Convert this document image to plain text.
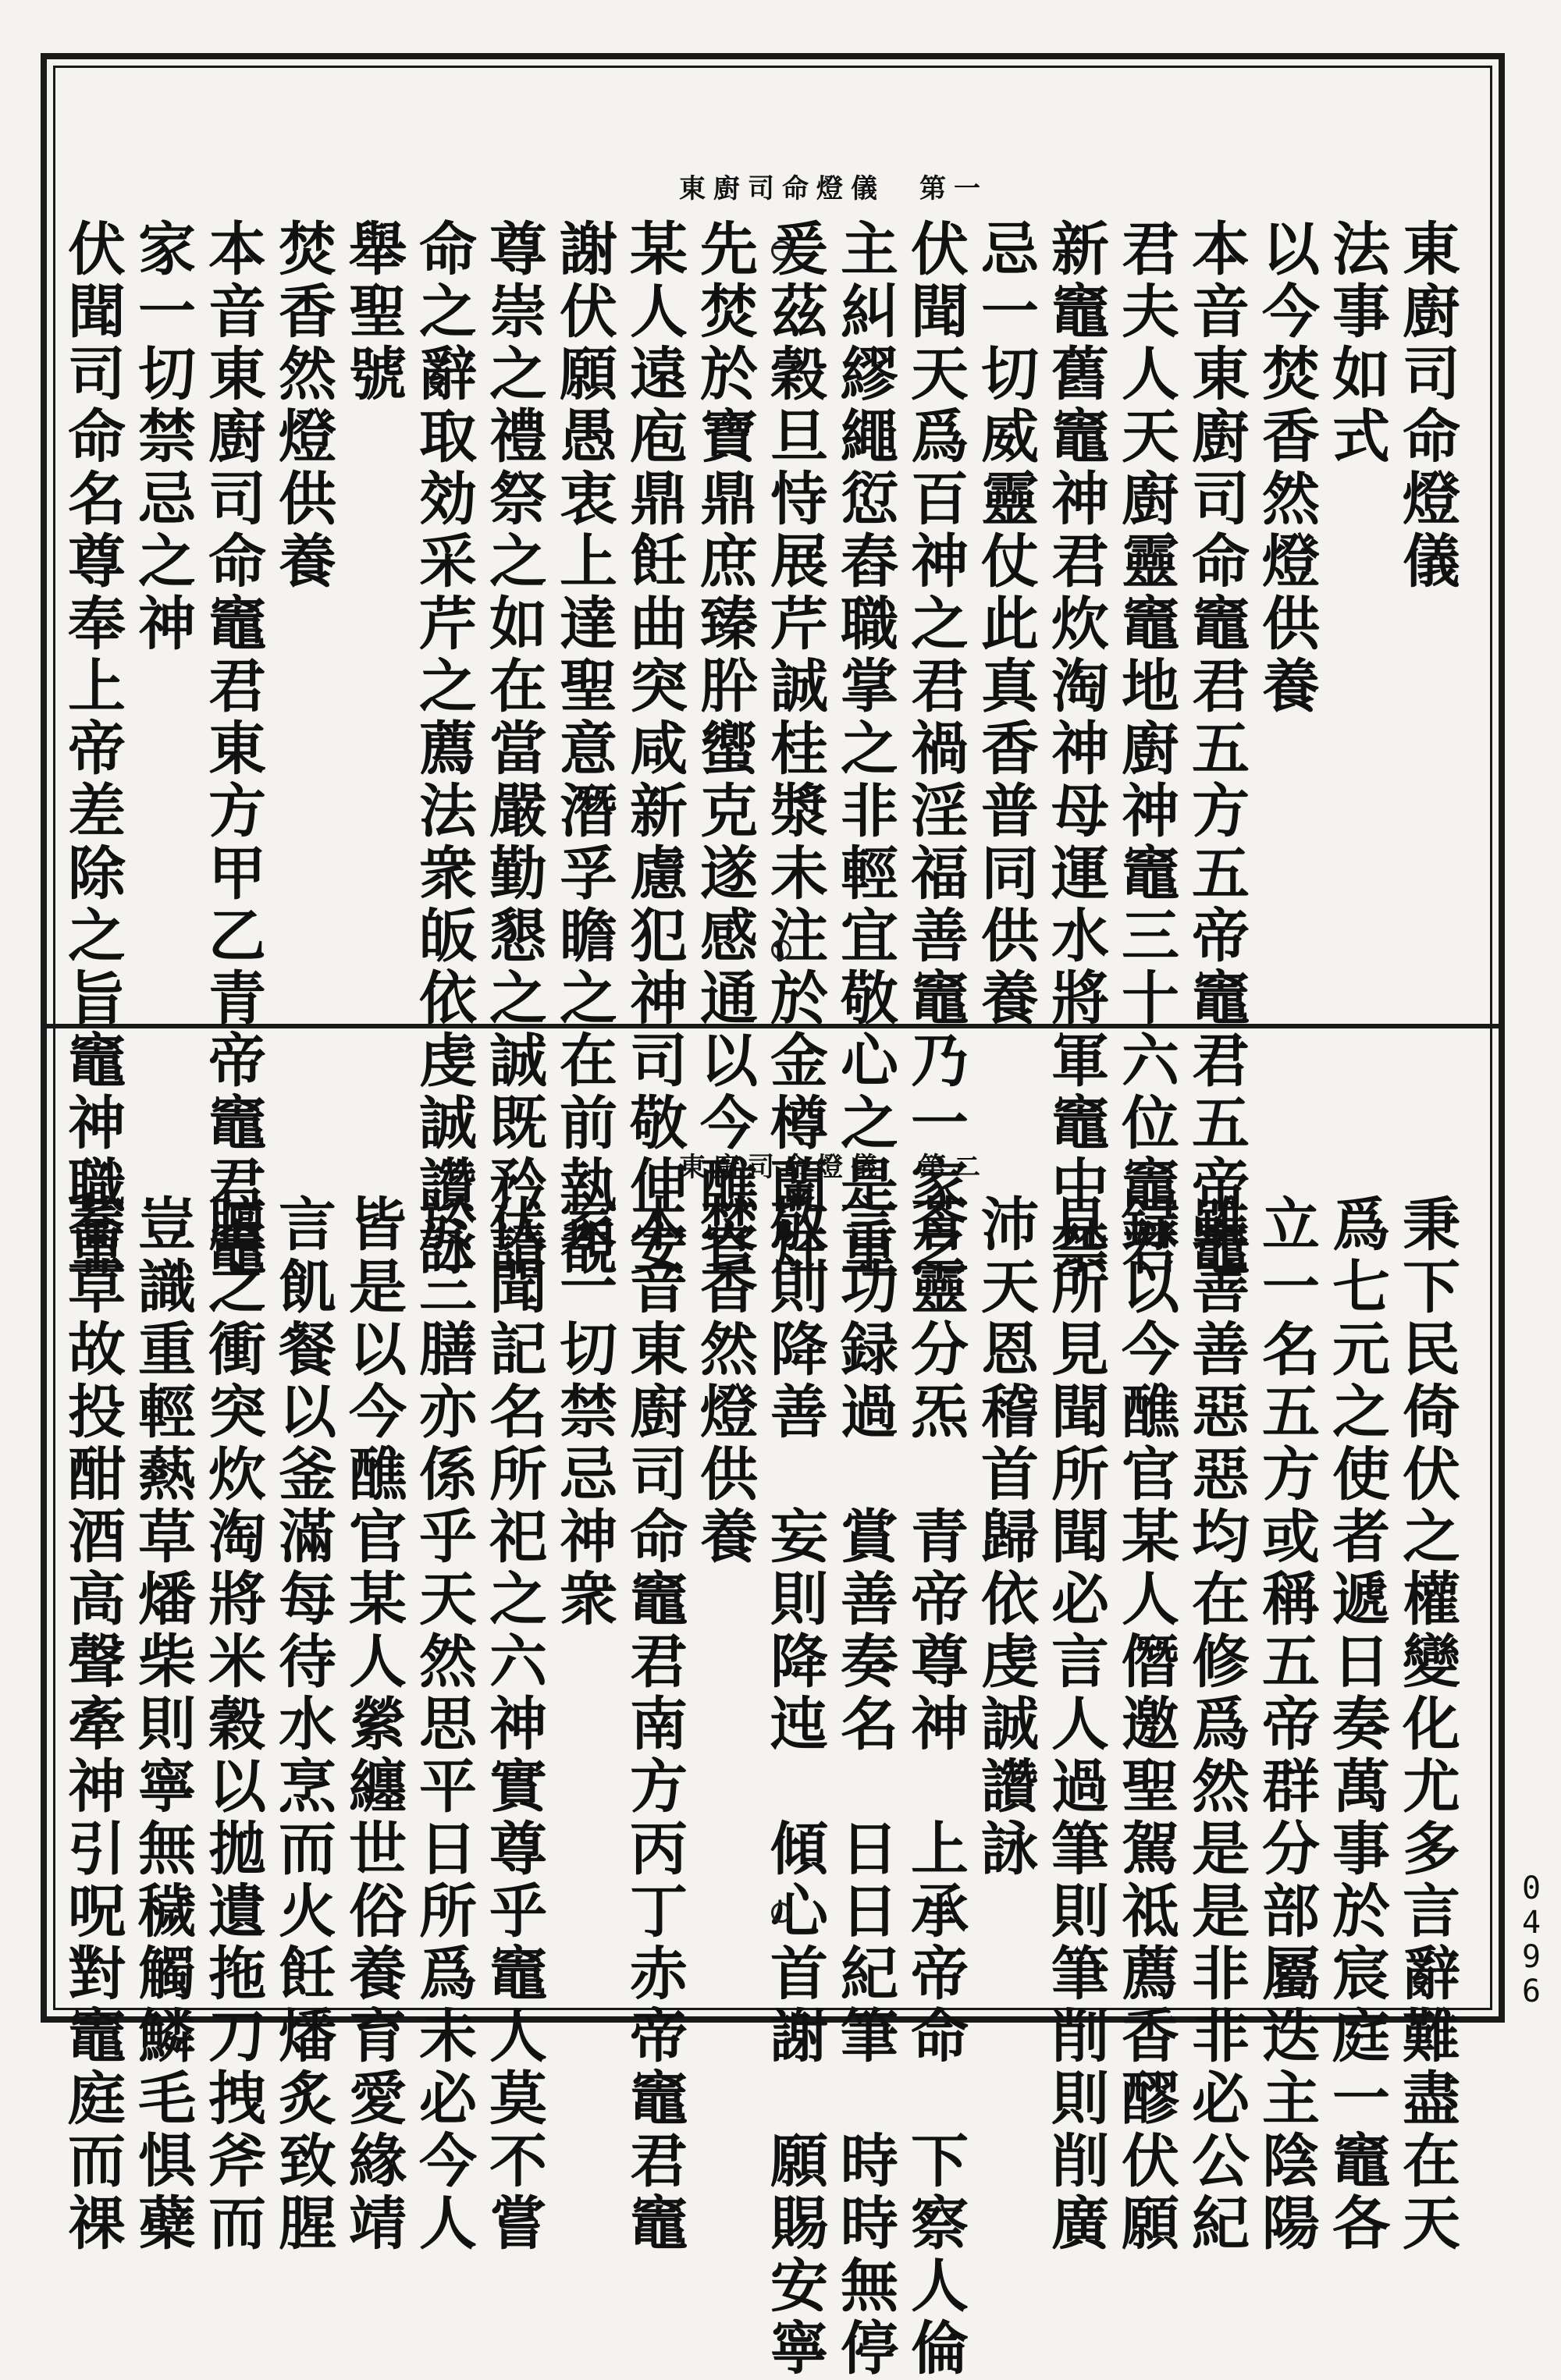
東廚司命燈儀　第一
東廚司命燈儀
法事如式
以今焚香然燈供養
本音東廚司命竈君五方五帝竈君五帝竈
君夫人天廚靈竈地廚神竈三十六位竈君
新竈舊竈神君炊淘神母運水將軍竈中禁
忌一切威靈仗此真香普同供養
伏聞天爲百神之君禍淫福善竈乃一家之
主糾繆繩愆舂職掌之非輕宜敬心之是重
爰茲穀旦恃展芹誠桂漿未注於金樽蘭炷
先焚於寶鼎庶臻肸蠁克遂感通以今醮官
某人遠庖鼎飪曲突咸新慮犯神司敬伸安
謝伏願愚衷上達聖意潛孚瞻之在前執覩
尊崇之禮祭之如在當嚴勤懇之誠既矜請
命之辭取効采芹之薦法衆皈依虔誠讚詠
舉聖號
焚香然燈供養
本音東廚司命竈君東方甲乙青帝竈君竈
家一切禁忌之神
伏聞司命名尊奉上帝差除之旨竈神職重	東廚司命燈儀　第二
秉下民倚伏之權變化尤多言辭難盡在天
爲七元之使者遞日奏萬事於宸庭一竈各
立一名五方或稱五帝群分部屬迭主陰陽
雖善善惡惡均在修爲然是是非非必公紀
録以今醮官某人僭邀聖駕祗薦香醪伏願
見所見聞所聞必言人過筆則筆削則削廣
沛天恩稽首歸依虔誠讚詠
蒼靈分炁　青帝尊神　上承帝命　下察人倫
言功録過　賞善奏名　日日紀筆　時時無停
敬則降善　妄則降迍　傾心首謝　願賜安寧
焚香然燈供養
本音東廚司命竈君南方丙丁赤帝竈君竈
家一切禁忌神衆
伏聞記名所祀之六神實尊乎竈人莫不嘗
於三膳亦係乎天然思平日所爲未必今人
皆是以今醮官某人縈纏世俗養育愛緣靖
言飢餐以釜滿每待水烹而火飪燔炙致腥
膻之衝突炊淘將米穀以拋遺拖刀拽斧而
豈識重輕爇草燔柴則寧無穢觸鱗毛惧蘗
蕎草故投酣酒高聲牽神引呪對竈庭而祼	0
4
9
6
